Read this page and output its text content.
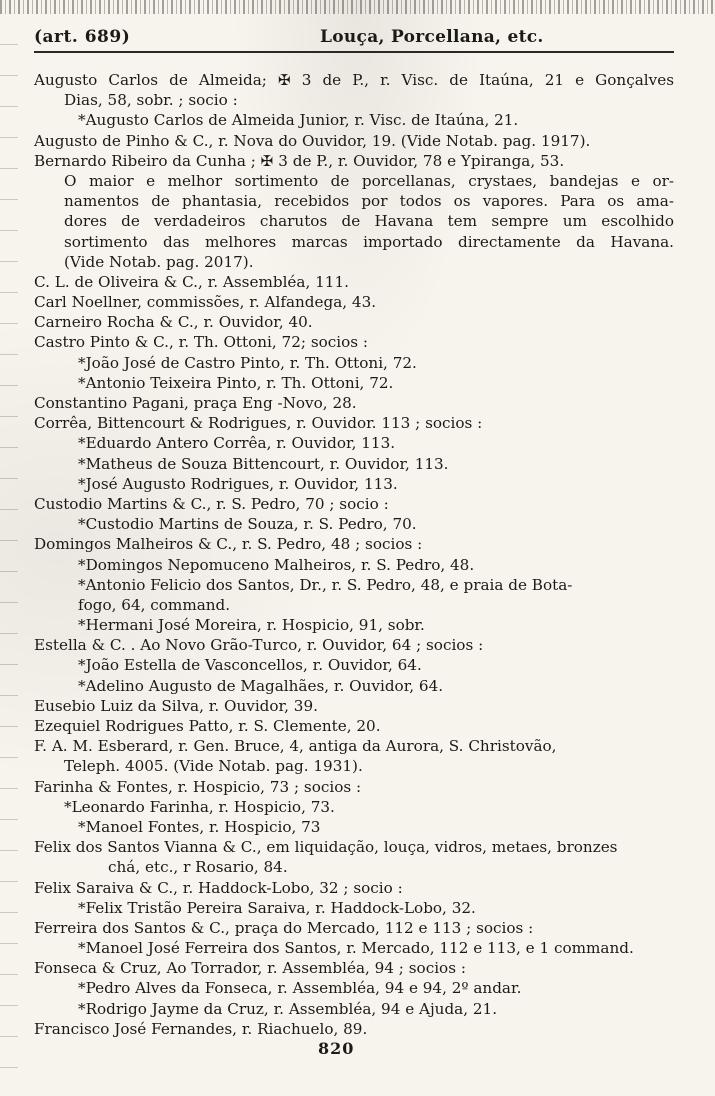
(art. 689)	Louça, Porcellana, etc.
Augusto Carlos de Almeida; ✠ 3 de P., r. Visc. de Itaúna, 21 e Gonçalves
Dias, 58, sobr. ; socio :
*Augusto Carlos de Almeida Junior, r. Visc. de Itaúna, 21.
Augusto de Pinho & C., r. Nova do Ouvidor, 19. (Vide Notab. pag. 1917).
Bernardo Ribeiro da Cunha ; ✠ 3 de P., r. Ouvidor, 78 e Ypiranga, 53.
O maior e melhor sortimento de porcellanas, crystaes, bandejas e or-
namentos de phantasia, recebidos por todos os vapores. Para os ama-
dores de verdadeiros charutos de Havana tem sempre um escolhido
sortimento das melhores marcas importado directamente da Havana.
(Vide Notab. pag. 2017).
C. L. de Oliveira & C., r. Assembléa, 111.
Carl Noellner, commissões, r. Alfandega, 43.
Carneiro Rocha & C., r. Ouvidor, 40.
Castro Pinto & C., r. Th. Ottoni, 72; socios :
*João José de Castro Pinto, r. Th. Ottoni, 72.
*Antonio Teixeira Pinto, r. Th. Ottoni, 72.
Constantino Pagani, praça Eng -Novo, 28.
Corrêa, Bittencourt & Rodrigues, r. Ouvidor. 113 ; socios :
*Eduardo Antero Corrêa, r. Ouvidor, 113.
*Matheus de Souza Bittencourt, r. Ouvidor, 113.
*José Augusto Rodrigues, r. Ouvidor, 113.
Custodio Martins & C., r. S. Pedro, 70 ; socio :
*Custodio Martins de Souza, r. S. Pedro, 70.
Domingos Malheiros & C., r. S. Pedro, 48 ; socios :
*Domingos Nepomuceno Malheiros, r. S. Pedro, 48.
*Antonio Felicio dos Santos, Dr., r. S. Pedro, 48, e praia de Bota-
fogo, 64, command.
*Hermani José Moreira, r. Hospicio, 91, sobr.
Estella & C. . Ao Novo Grão-Turco, r. Ouvidor, 64 ; socios :
*João Estella de Vasconcellos, r. Ouvidor, 64.
*Adelino Augusto de Magalhães, r. Ouvidor, 64.
Eusebio Luiz da Silva, r. Ouvidor, 39.
Ezequiel Rodrigues Patto, r. S. Clemente, 20.
F. A. M. Esberard, r. Gen. Bruce, 4, antiga da Aurora, S. Christovão,
Teleph. 4005. (Vide Notab. pag. 1931).
Farinha & Fontes, r. Hospicio, 73 ; socios :
*Leonardo Farinha, r. Hospicio, 73.
*Manoel Fontes, r. Hospicio, 73
Felix dos Santos Vianna & C., em liquidação, louça, vidros, metaes, bronzes
chá, etc., r Rosario, 84.
Felix Saraiva & C., r. Haddock-Lobo, 32 ; socio :
*Felix Tristão Pereira Saraiva, r. Haddock-Lobo, 32.
Ferreira dos Santos & C., praça do Mercado, 112 e 113 ; socios :
*Manoel José Ferreira dos Santos, r. Mercado, 112 e 113, e 1 command.
Fonseca & Cruz, Ao Torrador, r. Assembléa, 94 ; socios :
*Pedro Alves da Fonseca, r. Assembléa, 94 e 94, 2º andar.
*Rodrigo Jayme da Cruz, r. Assembléa, 94 e Ajuda, 21.
Francisco José Fernandes, r. Riachuelo, 89.
820
